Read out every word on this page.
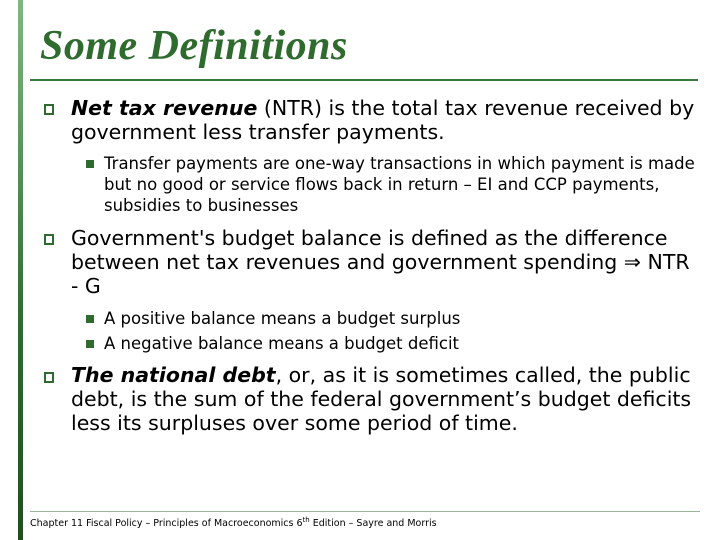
Some Definitions
Net tax revenue (NTR) is the total tax revenue received by government less transfer payments.
Transfer payments are one-way transactions in which payment is made but no good or service flows back in return – EI and CCP payments, subsidies to businesses
Government's budget balance is defined as the difference between net tax revenues and government spending ⇒ NTR - G
A positive balance means a budget surplus
A negative balance means a budget deficit
The national debt, or, as it is sometimes called, the public debt, is the sum of the federal government’s budget deficits less its surpluses over some period of time.
Chapter 11 Fiscal Policy – Principles of Macroeconomics 6th Edition – Sayre and Morris
